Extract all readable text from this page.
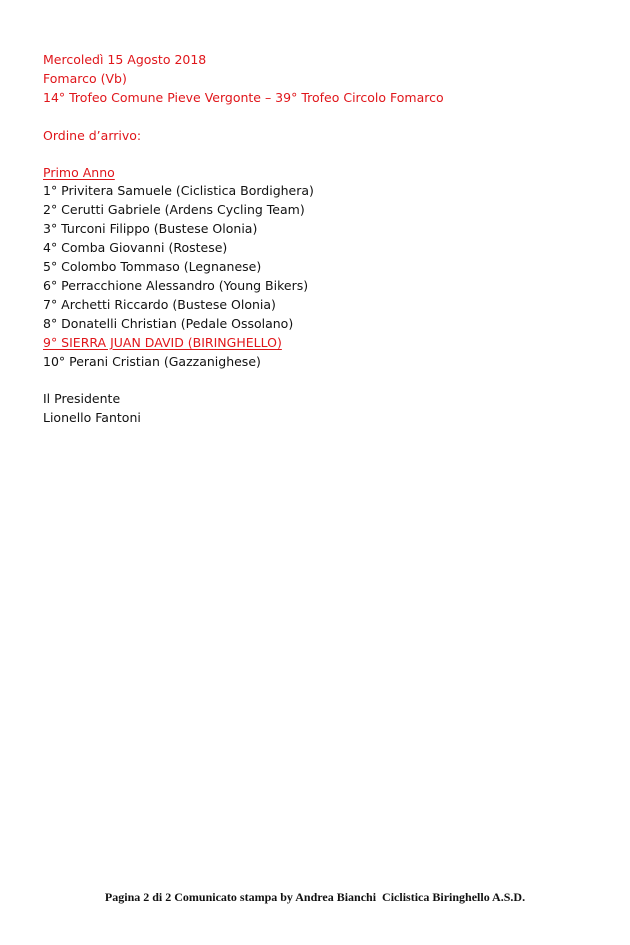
Mercoledì 15 Agosto 2018
Fomarco (Vb)
14° Trofeo Comune Pieve Vergonte – 39° Trofeo Circolo Fomarco
Ordine d’arrivo:
Primo Anno
1° Privitera Samuele (Ciclistica Bordighera)
2° Cerutti Gabriele (Ardens Cycling Team)
3° Turconi Filippo (Bustese Olonia)
4° Comba Giovanni (Rostese)
5° Colombo Tommaso (Legnanese)
6° Perracchione Alessandro (Young Bikers)
7° Archetti Riccardo (Bustese Olonia)
8° Donatelli Christian (Pedale Ossolano)
9° SIERRA JUAN DAVID (BIRINGHELLO)
10° Perani Cristian (Gazzanighese)
Il Presidente
Lionello Fantoni
Pagina 2 di 2 Comunicato stampa by Andrea Bianchi  Ciclistica Biringhello A.S.D.
